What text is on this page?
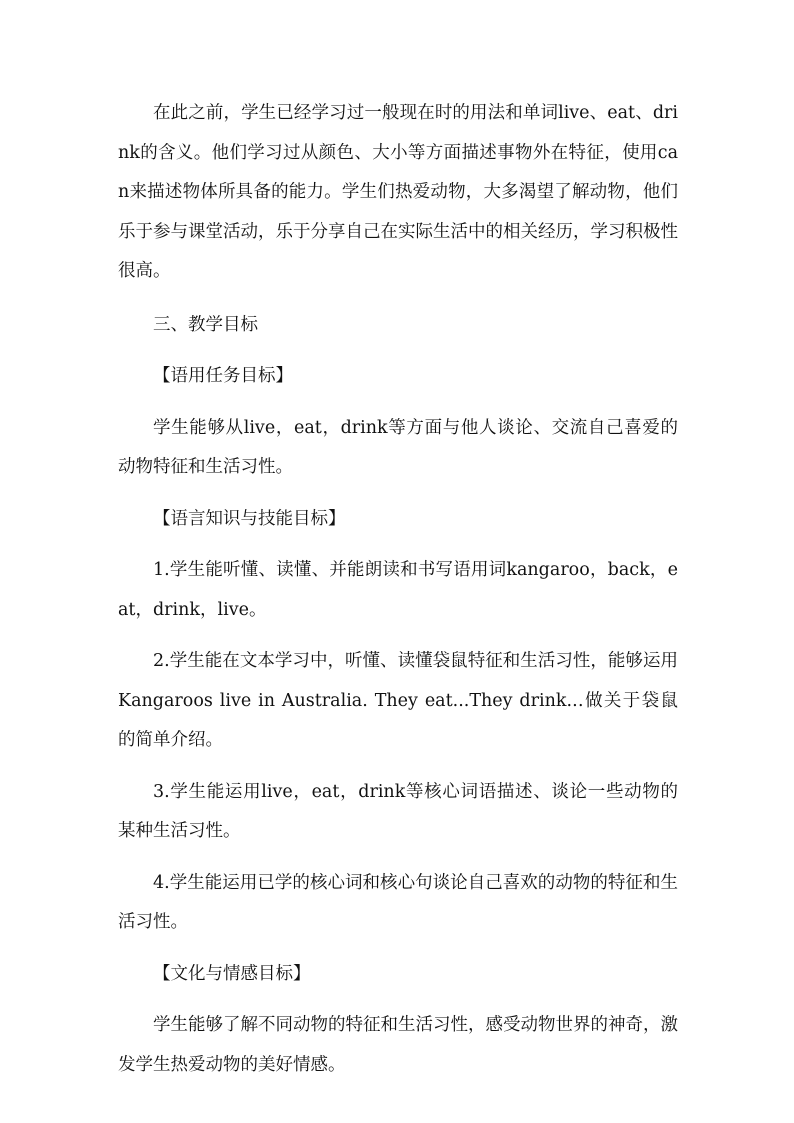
在此之前，学生已经学习过一般现在时的用法和单词live、eat、drink的含义。他们学习过从颜色、大小等方面描述事物外在特征，使用can来描述物体所具备的能力。学生们热爱动物，大多渴望了解动物，他们乐于参与课堂活动，乐于分享自己在实际生活中的相关经历，学习积极性很高。

三、教学目标

【语用任务目标】

学生能够从live，eat，drink等方面与他人谈论、交流自己喜爱的动物特征和生活习性。

【语言知识与技能目标】

1.学生能听懂、读懂、并能朗读和书写语用词kangaroo，back，eat，drink，live。

2.学生能在文本学习中，听懂、读懂袋鼠特征和生活习性，能够运用Kangaroos live in Australia. They eat...They drink.‥做关于袋鼠的简单介绍。

3.学生能运用live，eat，drink等核心词语描述、谈论一些动物的某种生活习性。

4.学生能运用已学的核心词和核心句谈论自己喜欢的动物的特征和生活习性。

【文化与情感目标】

学生能够了解不同动物的特征和生活习性，感受动物世界的神奇，激发学生热爱动物的美好情感。
